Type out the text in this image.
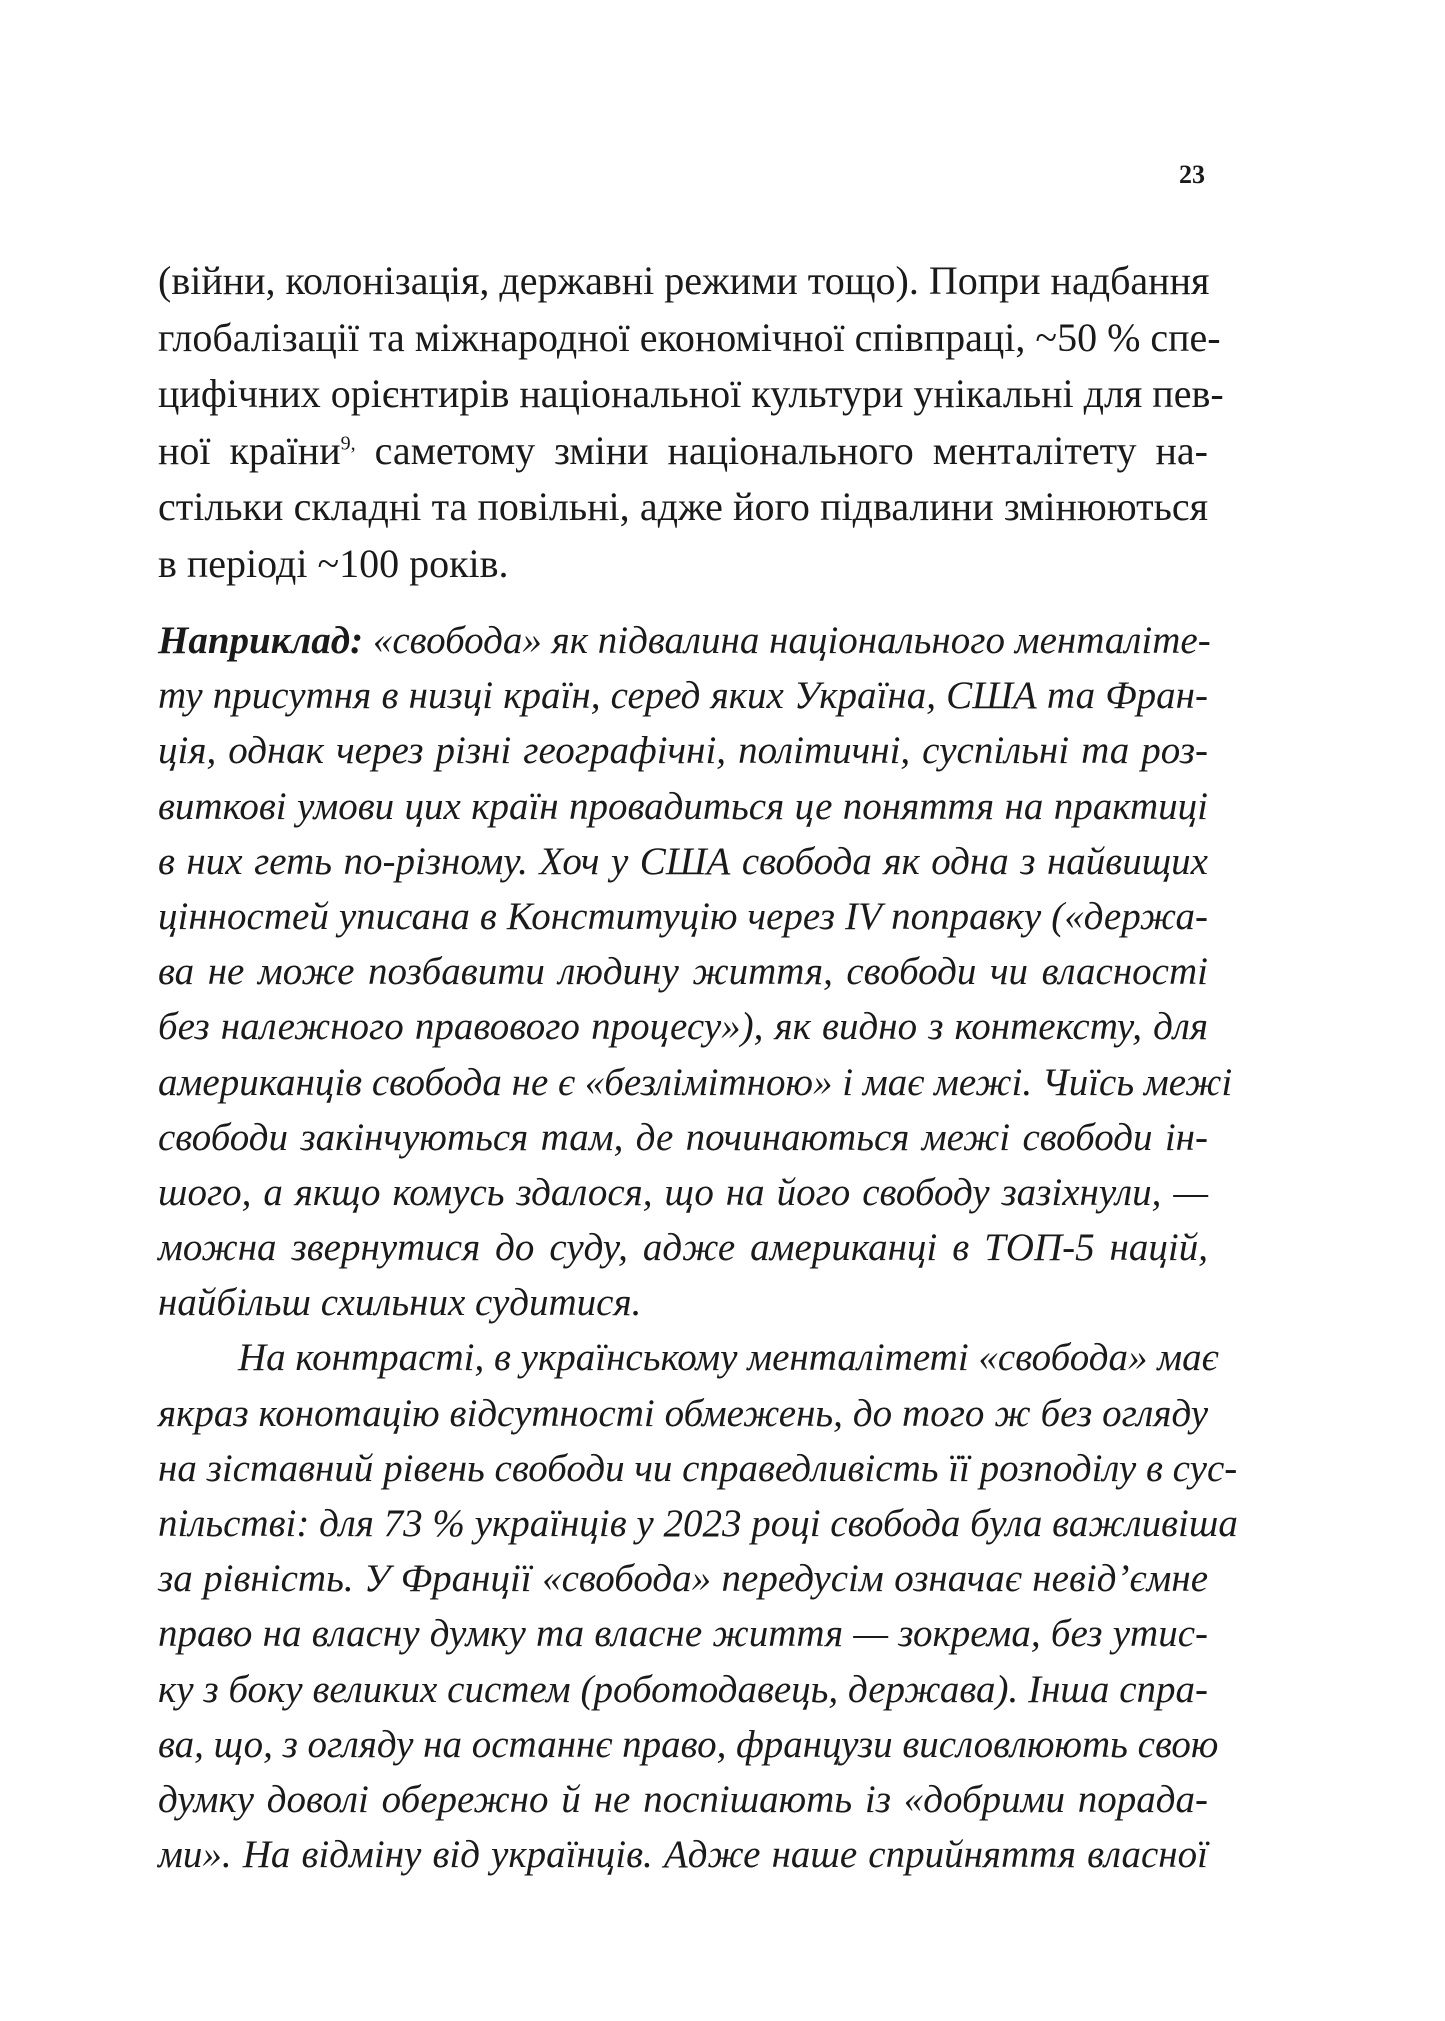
23
(війни, колонізація, державні режими тощо). Попри надбання
глобалізації та міжнародної економічної співпраці, ~50 % спе-
цифічних орієнтирів національної культури унікальні для пев-
ної країни$^{9,}$ саметому зміни національного менталітету на-
стільки складні та повільні, адже його підвалини змінюються
в періоді ~100 років.
Наприклад: «свобода» як підвалина національного менталіте-
ту присутня в низці країн, серед яких Україна, США та Фран-
ція, однак через різні географічні, політичні, суспільні та роз-
виткові умови цих країн провадиться це поняття на практиці
в них геть по-різному. Хоч у США свобода як одна з найвищих
цінностей уписана в Конституцію через IV поправку («держа-
ва не може позбавити людину життя, свободи чи власності
без належного правового процесу»), як видно з контексту, для
американців свобода не є «безлімітною» і має межі. Чиїсь межі
свободи закінчуються там, де починаються межі свободи ін-
шого, а якщо комусь здалося, що на його свободу зазіхнули, —
можна звернутися до суду, адже американці в ТОП-5 націй,
найбільш схильних судитися.
На контрасті, в українському менталітеті «свобода» має
якраз конотацію відсутності обмежень, до того ж без огляду
на зіставний рівень свободи чи справедливість її розподілу в сус-
пільстві: для 73 % українців у 2023 році свобода була важливіша
за рівність. У Франції «свобода» передусім означає невід’ємне
право на власну думку та власне життя — зокрема, без утис-
ку з боку великих систем (роботодавець, держава). Інша спра-
ва, що, з огляду на останнє право, французи висловлюють свою
думку доволі обережно й не поспішають із «добрими порада-
ми». На відміну від українців. Адже наше сприйняття власної
